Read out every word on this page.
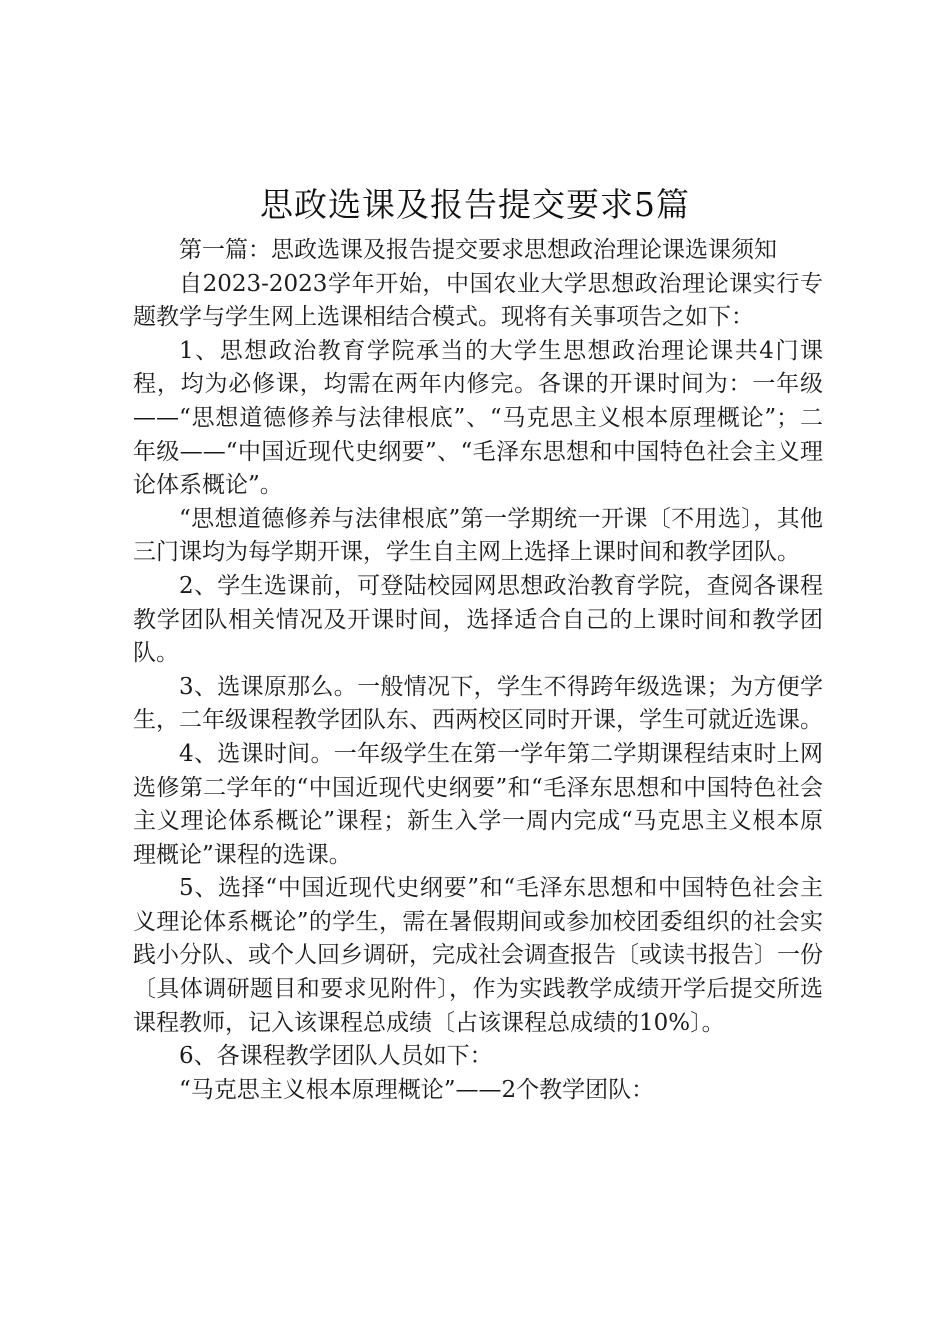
思政选课及报告提交要求5篇

第一篇：思政选课及报告提交要求思想政治理论课选课须知

自2023-2023学年开始，中国农业大学思想政治理论课实行专题教学与学生网上选课相结合模式。现将有关事项告之如下：

1、思想政治教育学院承当的大学生思想政治理论课共4门课程，均为必修课，均需在两年内修完。各课的开课时间为：一年级——“思想道德修养与法律根底”、“马克思主义根本原理概论”；二年级——“中国近现代史纲要”、“毛泽东思想和中国特色社会主义理论体系概论”。

“思想道德修养与法律根底”第一学期统一开课〔不用选〕，其他三门课均为每学期开课，学生自主网上选择上课时间和教学团队。

2、学生选课前，可登陆校园网思想政治教育学院，查阅各课程教学团队相关情况及开课时间，选择适合自己的上课时间和教学团队。

3、选课原那么。一般情况下，学生不得跨年级选课；为方便学生，二年级课程教学团队东、西两校区同时开课，学生可就近选课。

4、选课时间。一年级学生在第一学年第二学期课程结束时上网选修第二学年的“中国近现代史纲要”和“毛泽东思想和中国特色社会主义理论体系概论”课程；新生入学一周内完成“马克思主义根本原理概论”课程的选课。

5、选择“中国近现代史纲要”和“毛泽东思想和中国特色社会主义理论体系概论”的学生，需在暑假期间或参加校团委组织的社会实践小分队、或个人回乡调研，完成社会调查报告〔或读书报告〕一份〔具体调研题目和要求见附件〕，作为实践教学成绩开学后提交所选课程教师，记入该课程总成绩〔占该课程总成绩的10%〕。

6、各课程教学团队人员如下：

“马克思主义根本原理概论”——2个教学团队：
